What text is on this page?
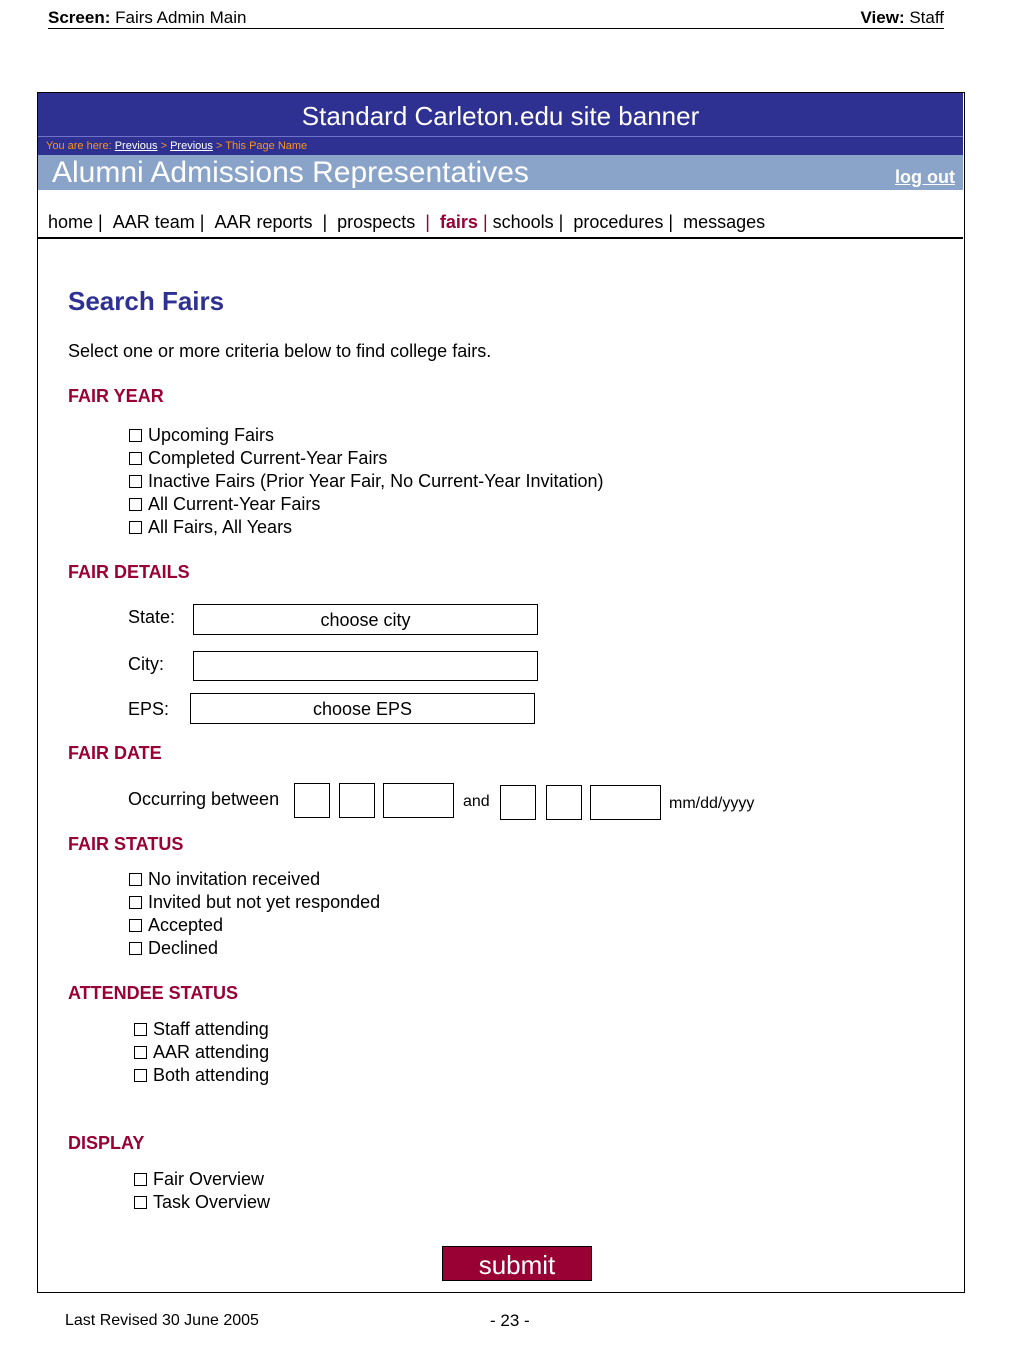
Screen: Fairs Admin Main	View: Staff
Standard Carleton.edu site banner
You are here: Previous > Previous > This Page Name
Alumni Admissions Representatives	log out
home |  AAR team |  AAR reports  |  prospects  |  fairs | schools |  procedures |  messages
Search Fairs
Select one or more criteria below to find college fairs.
FAIR YEAR
Upcoming Fairs
Completed Current-Year Fairs
Inactive Fairs (Prior Year Fair, No Current-Year Invitation)
All Current-Year Fairs
All Fairs, All Years
FAIR DETAILS
State:	choose city
City:
EPS:	choose EPS
FAIR DATE
Occurring between	and	mm/dd/yyyy
FAIR STATUS
No invitation received
Invited but not yet responded
Accepted
Declined
ATTENDEE STATUS
Staff attending
AAR attending
Both attending
DISPLAY
Fair Overview
Task Overview
submit
Last Revised 30 June 2005	- 23 -
